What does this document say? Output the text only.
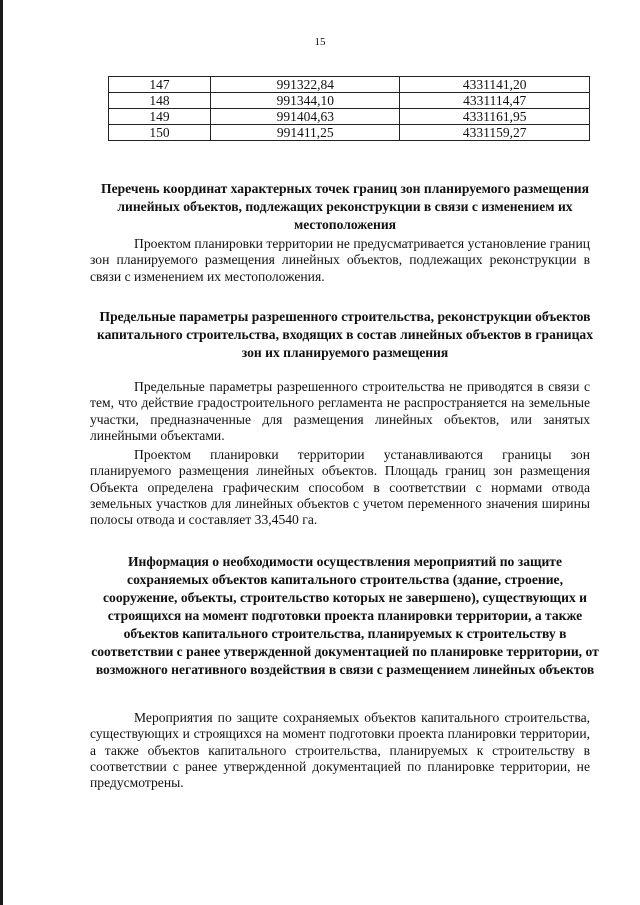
15
147	991322,84	4331141,20
148	991344,10	4331114,47
149	991404,63	4331161,95
150	991411,25	4331159,27
Перечень координат характерных точек границ зон планируемого размещения линейных объектов, подлежащих реконструкции в связи с изменением их местоположения

Проектом планировки территории не предусматривается установление границ зон планируемого размещения линейных объектов, подлежащих реконструкции в связи с изменением их местоположения.

Предельные параметры разрешенного строительства, реконструкции объектов капитального строительства, входящих в состав линейных объектов в границах зон их планируемого размещения

Предельные параметры разрешенного строительства не приводятся в связи с тем, что действие градостроительного регламента не распространяется на земельные участки, предназначенные для размещения линейных объектов, или занятых линейными объектами.

Проектом планировки территории устанавливаются границы зон планируемого размещения линейных объектов. Площадь границ зон размещения Объекта определена графическим способом в соответствии с нормами отвода земельных участков для линейных объектов с учетом переменного значения ширины полосы отвода и составляет 33,4540 га.

Информация о необходимости осуществления мероприятий по защите сохраняемых объектов капитального строительства (здание, строение, сооружение, объекты, строительство которых не завершено), существующих и строящихся на момент подготовки проекта планировки территории, а также объектов капитального строительства, планируемых к строительству в соответствии с ранее утвержденной документацией по планировке территории, от возможного негативного воздействия в связи с размещением линейных объектов

Мероприятия по защите сохраняемых объектов капитального строительства, существующих и строящихся на момент подготовки проекта планировки территории, а также объектов капитального строительства, планируемых к строительству в соответствии с ранее утвержденной документацией по планировке территории, не предусмотрены.
